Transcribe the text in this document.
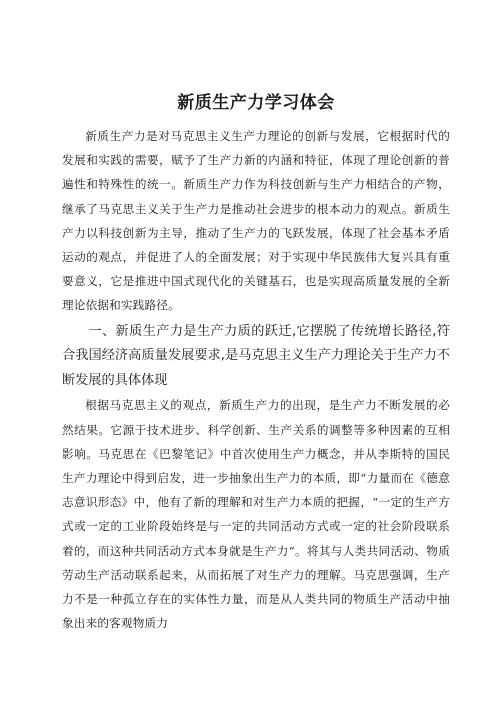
新质生产力学习体会

新质生产力是对马克思主义生产力理论的创新与发展，它根据时代的发展和实践的需要，赋予了生产力新的内涵和特征，体现了理论创新的普遍性和特殊性的统一。新质生产力作为科技创新与生产力相结合的产物，继承了马克思主义关于生产力是推动社会进步的根本动力的观点。新质生产力以科技创新为主导，推动了生产力的飞跃发展，体现了社会基本矛盾运动的观点，并促进了人的全面发展；对于实现中华民族伟大复兴具有重要意义，它是推进中国式现代化的关键基石，也是实现高质量发展的全新理论依据和实践路径。

一、新质生产力是生产力质的跃迁,它摆脱了传统增长路径,符合我国经济高质量发展要求,是马克思主义生产力理论关于生产力不断发展的具体体现

根据马克思主义的观点，新质生产力的出现，是生产力不断发展的必然结果。它源于技术进步、科学创新、生产关系的调整等多种因素的互相影响。马克思在《巴黎笔记》中首次使用生产力概念，并从李斯特的国民生产力理论中得到启发，进一步抽象出生产力的本质，即“力量而在《德意志意识形态》中，他有了新的理解和对生产力本质的把握，“一定的生产方式或一定的工业阶段始终是与一定的共同活动方式或一定的社会阶段联系着的，而这种共同活动方式本身就是生产力“。将其与人类共同活动、物质劳动生产活动联系起来，从而拓展了对生产力的理解。马克思强调，生产力不是一种孤立存在的实体性力量，而是从人类共同的物质生产活动中抽象出来的客观物质力
